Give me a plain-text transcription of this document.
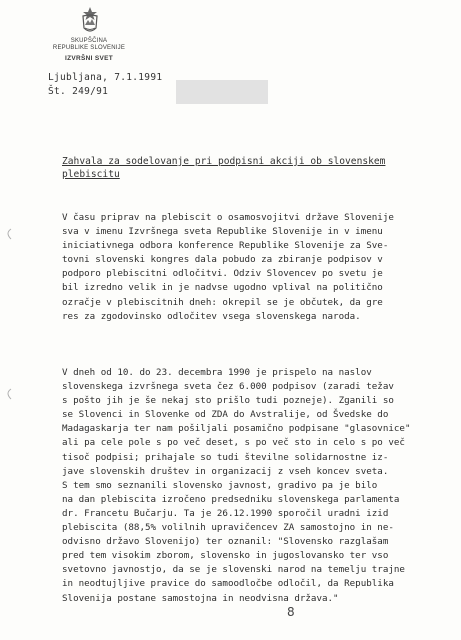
SKUPŠČINA
REPUBLIKE SLOVENIJE
IZVRŠNI SVET
Ljubljana, 7.1.1991
Št. 249/91
Zahvala za sodelovanje pri podpisni akciji ob slovenskem
plebiscitu
V času priprav na plebiscit o osamosvojitvi države Slovenije
sva v imenu Izvršnega sveta Republike Slovenije in v imenu
iniciativnega odbora konference Republike Slovenije za Sve-
tovni slovenski kongres dala pobudo za zbiranje podpisov v
podporo plebiscitni odločitvi. Odziv Slovencev po svetu je
bil izredno velik in je nadvse ugodno vplival na politično
ozračje v plebiscitnih dneh: okrepil se je občutek, da gre
res za zgodovinsko odločitev vsega slovenskega naroda.
V dneh od 10. do 23. decembra 1990 je prispelo na naslov
slovenskega izvršnega sveta čez 6.000 podpisov (zaradi težav
s pošto jih je še nekaj sto prišlo tudi pozneje). Zganili so
se Slovenci in Slovenke od ZDA do Avstralije, od Švedske do
Madagaskarja ter nam pošiljali posamično podpisane "glasovnice"
ali pa cele pole s po več deset, s po več sto in celo s po več
tisoč podpisi; prihajale so tudi številne solidarnostne iz-
jave slovenskih društev in organizacij z vseh koncev sveta.
S tem smo seznanili slovensko javnost, gradivo pa je bilo
na dan plebiscita izročeno predsedniku slovenskega parlamenta
dr. Francetu Bučarju. Ta je 26.12.1990 sporočil uradni izid
plebiscita (88,5% volilnih upravičencev ZA samostojno in ne-
odvisno državo Slovenijo) ter oznanil: "Slovensko razglašam
pred tem visokim zborom, slovensko in jugoslovansko ter vso
svetovno javnostjo, da se je slovenski narod na temelju trajne
in neodtujljive pravice do samoodločbe odločil, da Republika
Slovenija postane samostojna in neodvisna država."
8
